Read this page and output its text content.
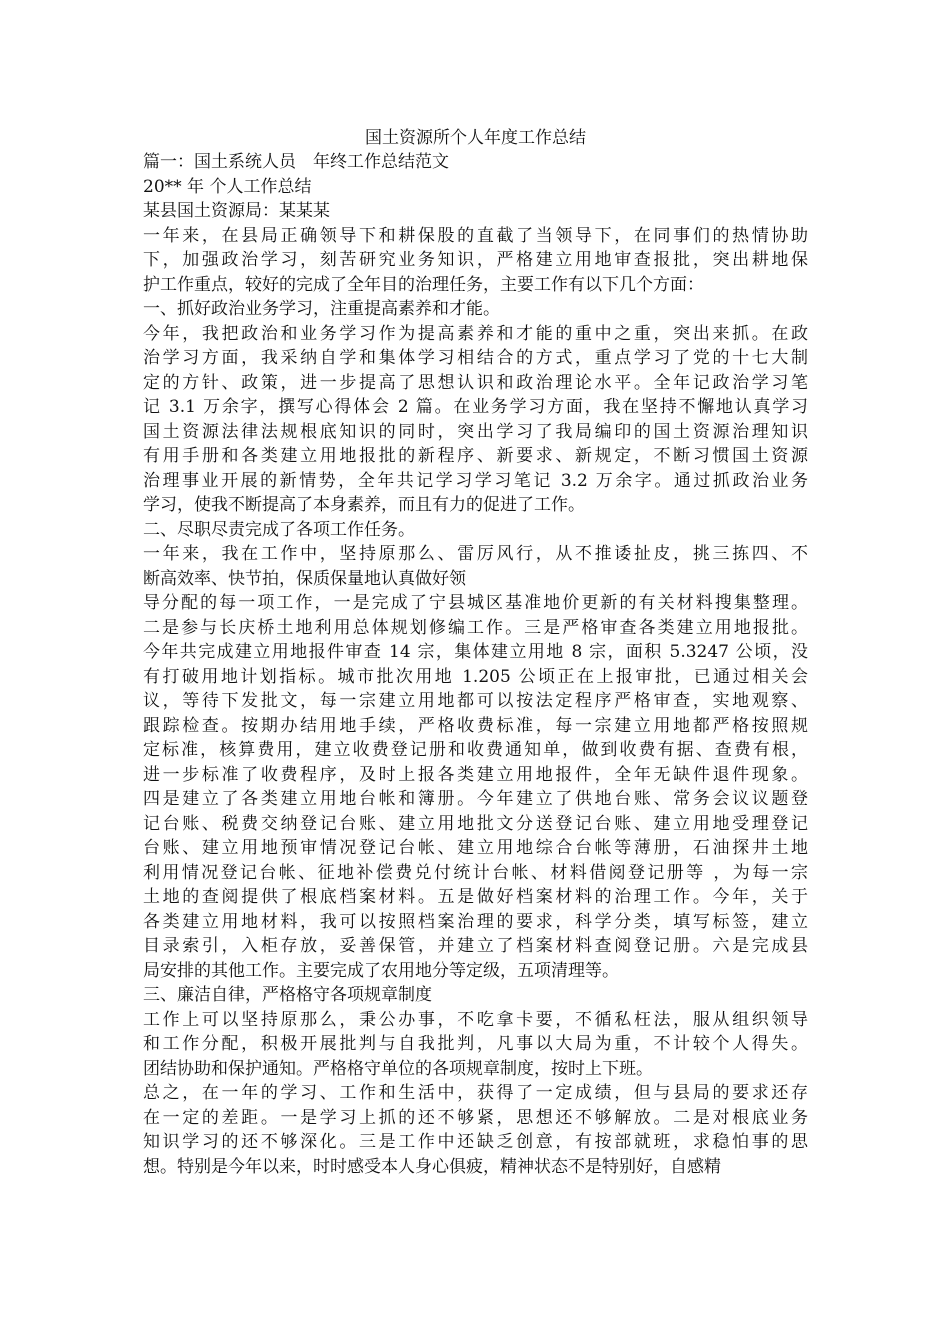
国土资源所个人年度工作总结

篇一：国土系统人员　年终工作总结范文

20** 年 个人工作总结

某县国土资源局：某某某

一年来，在县局正确领导下和耕保股的直截了当领导下，在同事们的热情协助
下，加强政治学习，刻苦研究业务知识，严格建立用地审查报批，突出耕地保
护工作重点，较好的完成了全年目的治理任务，主要工作有以下几个方面：

一、抓好政治业务学习，注重提高素养和才能。

今年，我把政治和业务学习作为提高素养和才能的重中之重，突出来抓。在政
治学习方面，我采纳自学和集体学习相结合的方式，重点学习了党的十七大制
定的方针、政策，进一步提高了思想认识和政治理论水平。全年记政治学习笔
记 3.1 万余字，撰写心得体会 2 篇。在业务学习方面，我在坚持不懈地认真学习
国土资源法律法规根底知识的同时，突出学习了我局编印的国土资源治理知识
有用手册和各类建立用地报批的新程序、新要求、新规定，不断习惯国土资源
治理事业开展的新情势，全年共记学习学习笔记 3.2 万余字。通过抓政治业务
学习，使我不断提高了本身素养，而且有力的促进了工作。

二、尽职尽责完成了各项工作任务。

一年来，我在工作中，坚持原那么、雷厉风行，从不推诿扯皮，挑三拣四、不
断高效率、快节拍，保质保量地认真做好领

导分配的每一项工作，一是完成了宁县城区基准地价更新的有关材料搜集整理。
二是参与长庆桥土地利用总体规划修编工作。三是严格审查各类建立用地报批。
今年共完成建立用地报件审查 14 宗，集体建立用地 8 宗，面积 5.3247 公顷，没
有打破用地计划指标。城市批次用地 1.205 公顷正在上报审批，已通过相关会
议，等待下发批文，每一宗建立用地都可以按法定程序严格审查，实地观察、
跟踪检查。按期办结用地手续，严格收费标准，每一宗建立用地都严格按照规
定标准，核算费用，建立收费登记册和收费通知单，做到收费有据、查费有根，
进一步标准了收费程序，及时上报各类建立用地报件，全年无缺件退件现象。
四是建立了各类建立用地台帐和簿册。今年建立了供地台账、常务会议议题登
记台账、税费交纳登记台账、建立用地批文分送登记台账、建立用地受理登记
台账、建立用地预审情况登记台帐、建立用地综合台帐等薄册，石油探井土地
利用情况登记台帐、征地补偿费兑付统计台帐、材料借阅登记册等 ，为每一宗
土地的查阅提供了根底档案材料。五是做好档案材料的治理工作。今年，关于
各类建立用地材料，我可以按照档案治理的要求，科学分类，填写标签，建立
目录索引，入柜存放，妥善保管，并建立了档案材料查阅登记册。六是完成县
局安排的其他工作。主要完成了农用地分等定级，五项清理等。

三、廉洁自律，严格格守各项规章制度

工作上可以坚持原那么，秉公办事，不吃拿卡要，不循私枉法，服从组织领导
和工作分配，积极开展批判与自我批判，凡事以大局为重，不计较个人得失。
团结协助和保护通知。严格格守单位的各项规章制度，按时上下班。

总之，在一年的学习、工作和生活中，获得了一定成绩，但与县局的要求还存
在一定的差距。一是学习上抓的还不够紧，思想还不够解放。二是对根底业务
知识学习的还不够深化。三是工作中还缺乏创意，有按部就班，求稳怕事的思
想。特别是今年以来，时时感受本人身心俱疲，精神状态不是特别好，自感精
